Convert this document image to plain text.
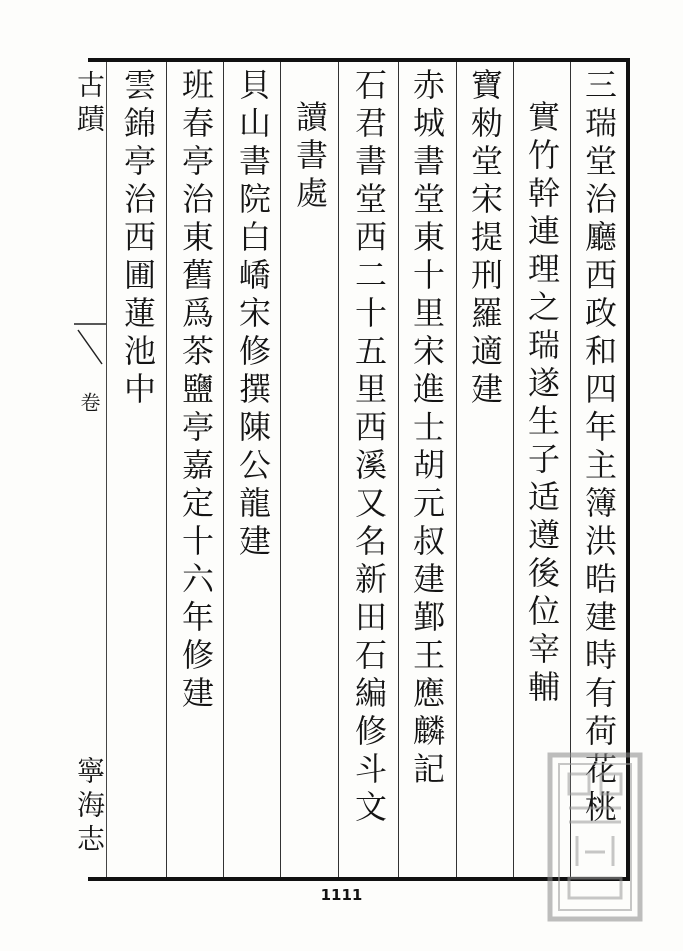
三瑞堂治廳西政和四年主簿洪晧建時有荷花桃
實竹幹連理之瑞遂生子适遵後位宰輔
寶勑堂宋提刑羅適建
赤城書堂東十里宋進士胡元叔建鄞王應麟記
石君書堂西二十五里西溪又名新田石編修斗文
讀書處
貝山書院白嶠宋修撰陳公龍建
班春亭治東舊爲茶鹽亭嘉定十六年修建
雲錦亭治西圃蓮池中
古蹟
卷
寧海志
1111
